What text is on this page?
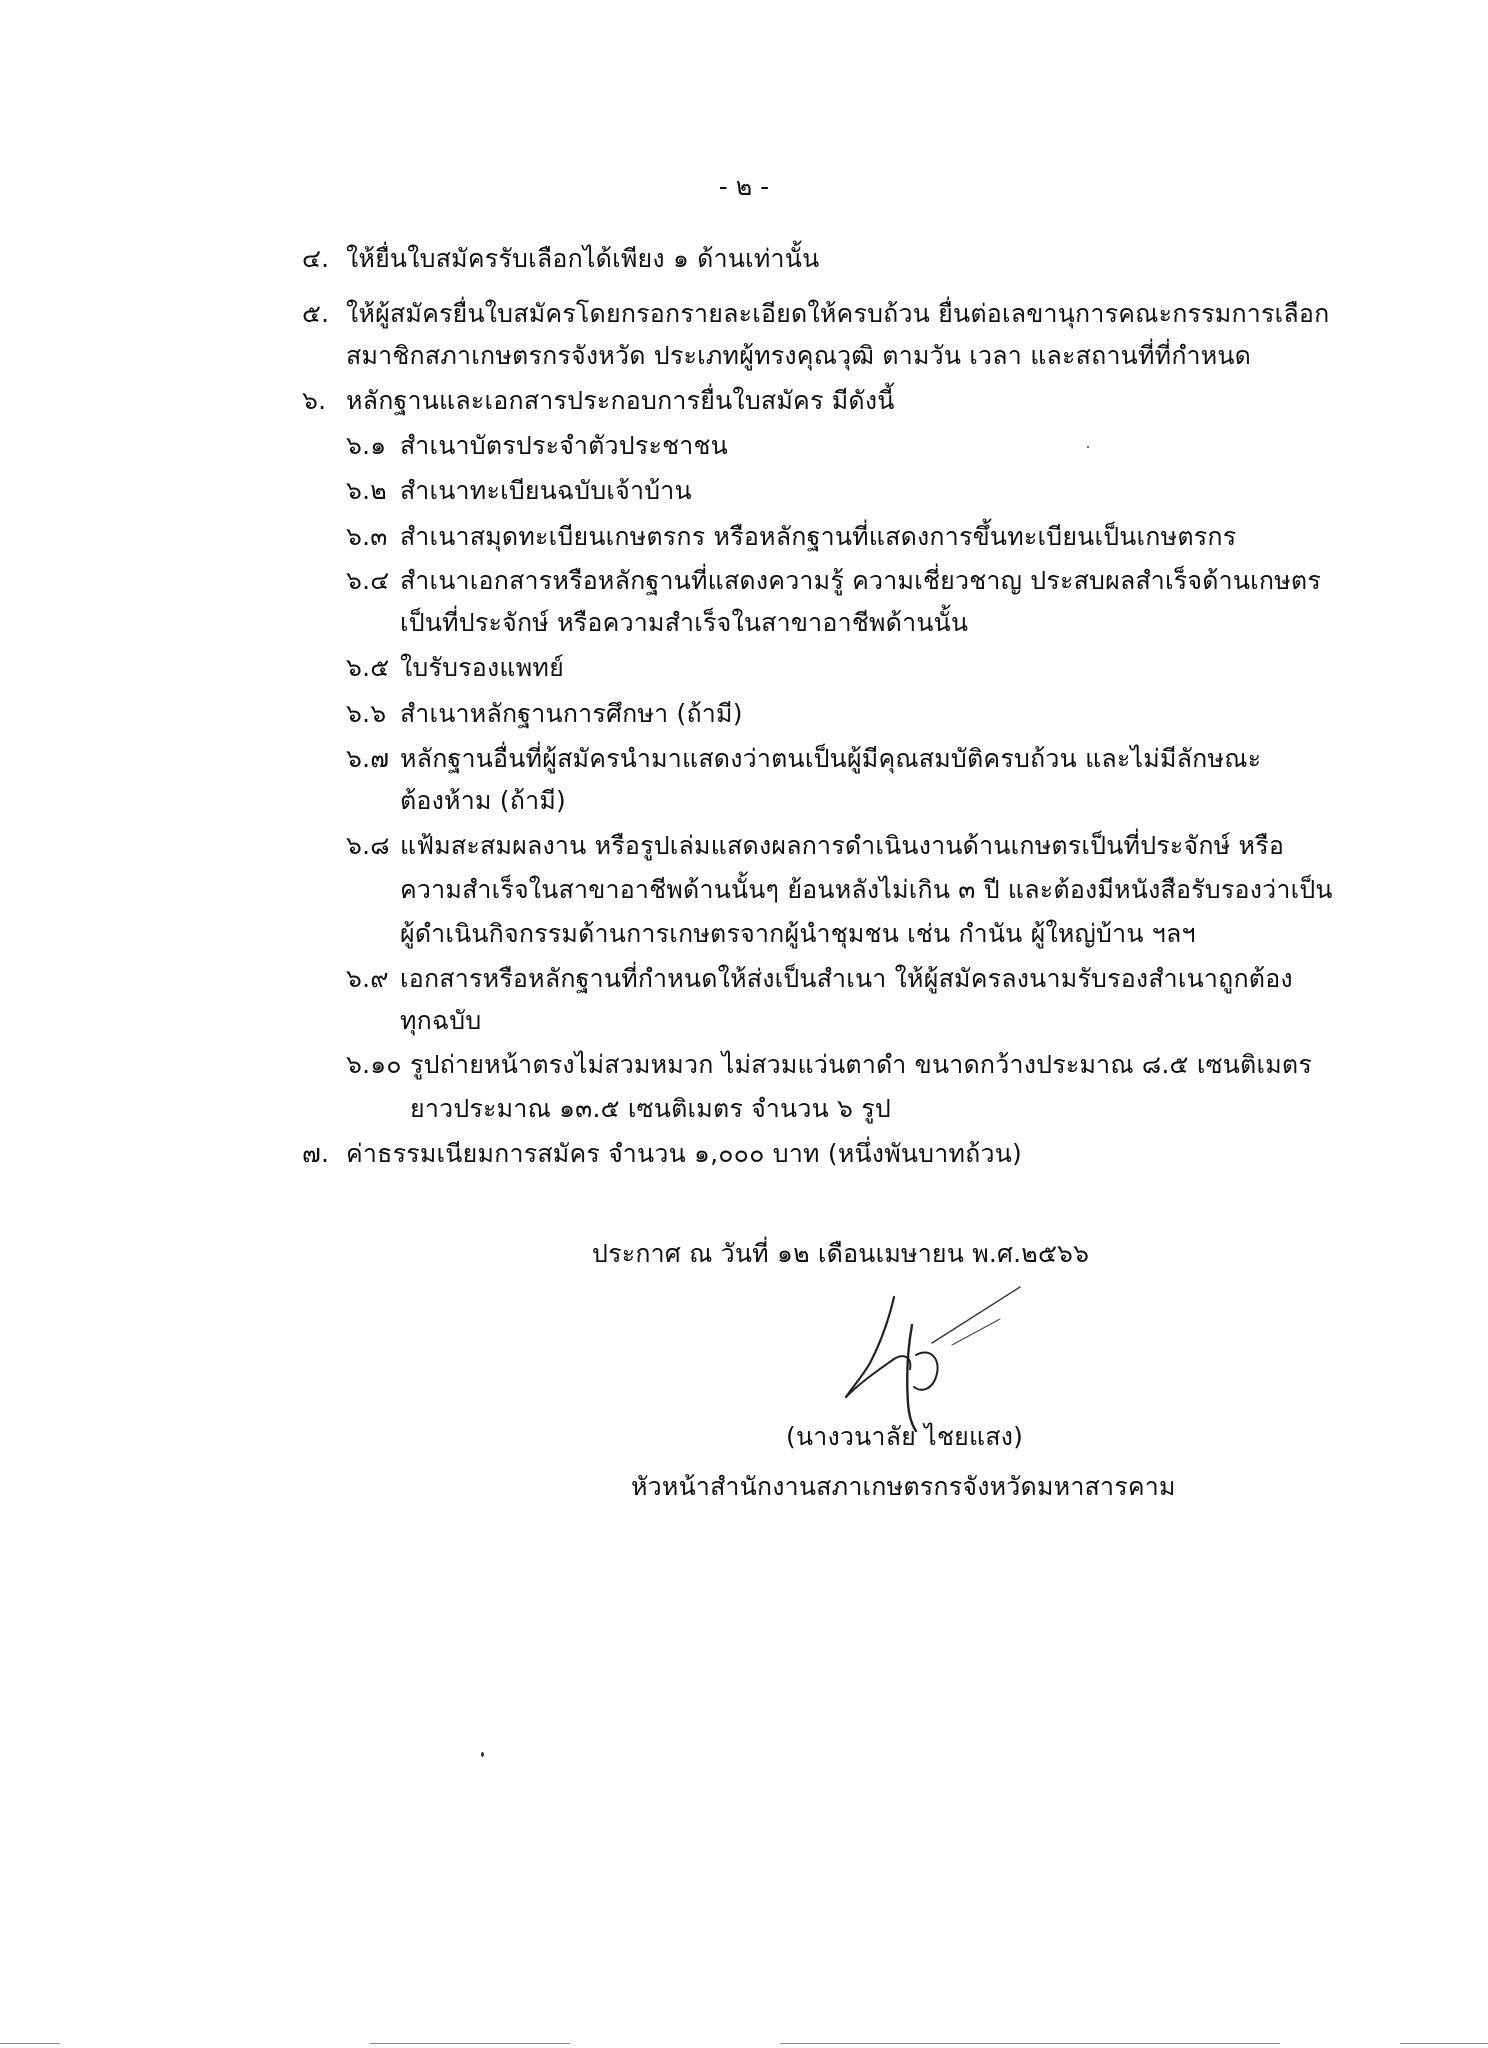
- ๒ -
๔. ให้ยื่นใบสมัครรับเลือกได้เพียง ๑ ด้านเท่านั้น
๕. ให้ผู้สมัครยื่นใบสมัครโดยกรอกรายละเอียดให้ครบถ้วน ยื่นต่อเลขานุการคณะกรรมการเลือก
สมาชิกสภาเกษตรกรจังหวัด ประเภทผู้ทรงคุณวุฒิ ตามวัน เวลา และสถานที่ที่กำหนด
๖. หลักฐานและเอกสารประกอบการยื่นใบสมัคร มีดังนี้
๖.๑ สำเนาบัตรประจำตัวประชาชน
๖.๒ สำเนาทะเบียนฉบับเจ้าบ้าน
๖.๓ สำเนาสมุดทะเบียนเกษตรกร หรือหลักฐานที่แสดงการขึ้นทะเบียนเป็นเกษตรกร
๖.๔ สำเนาเอกสารหรือหลักฐานที่แสดงความรู้ ความเชี่ยวชาญ ประสบผลสำเร็จด้านเกษตร
เป็นที่ประจักษ์ หรือความสำเร็จในสาขาอาชีพด้านนั้น
๖.๕ ใบรับรองแพทย์
๖.๖ สำเนาหลักฐานการศึกษา (ถ้ามี)
๖.๗ หลักฐานอื่นที่ผู้สมัครนำมาแสดงว่าตนเป็นผู้มีคุณสมบัติครบถ้วน และไม่มีลักษณะ
ต้องห้าม (ถ้ามี)
๖.๘ แฟ้มสะสมผลงาน หรือรูปเล่มแสดงผลการดำเนินงานด้านเกษตรเป็นที่ประจักษ์ หรือ
ความสำเร็จในสาขาอาชีพด้านนั้นๆ ย้อนหลังไม่เกิน ๓ ปี และต้องมีหนังสือรับรองว่าเป็น
ผู้ดำเนินกิจกรรมด้านการเกษตรจากผู้นำชุมชน เช่น กำนัน ผู้ใหญ่บ้าน ฯลฯ
๖.๙ เอกสารหรือหลักฐานที่กำหนดให้ส่งเป็นสำเนา ให้ผู้สมัครลงนามรับรองสำเนาถูกต้อง
ทุกฉบับ
๖.๑๐ รูปถ่ายหน้าตรงไม่สวมหมวก ไม่สวมแว่นตาดำ ขนาดกว้างประมาณ ๘.๕ เซนติเมตร
ยาวประมาณ ๑๓.๕ เซนติเมตร จำนวน ๖ รูป
๗. ค่าธรรมเนียมการสมัคร จำนวน ๑,๐๐๐ บาท (หนึ่งพันบาทถ้วน)
ประกาศ ณ วันที่ ๑๒ เดือนเมษายน พ.ศ.๒๕๖๖
(นางวนาลัย ไชยแสง)
หัวหน้าสำนักงานสภาเกษตรกรจังหวัดมหาสารคาม
